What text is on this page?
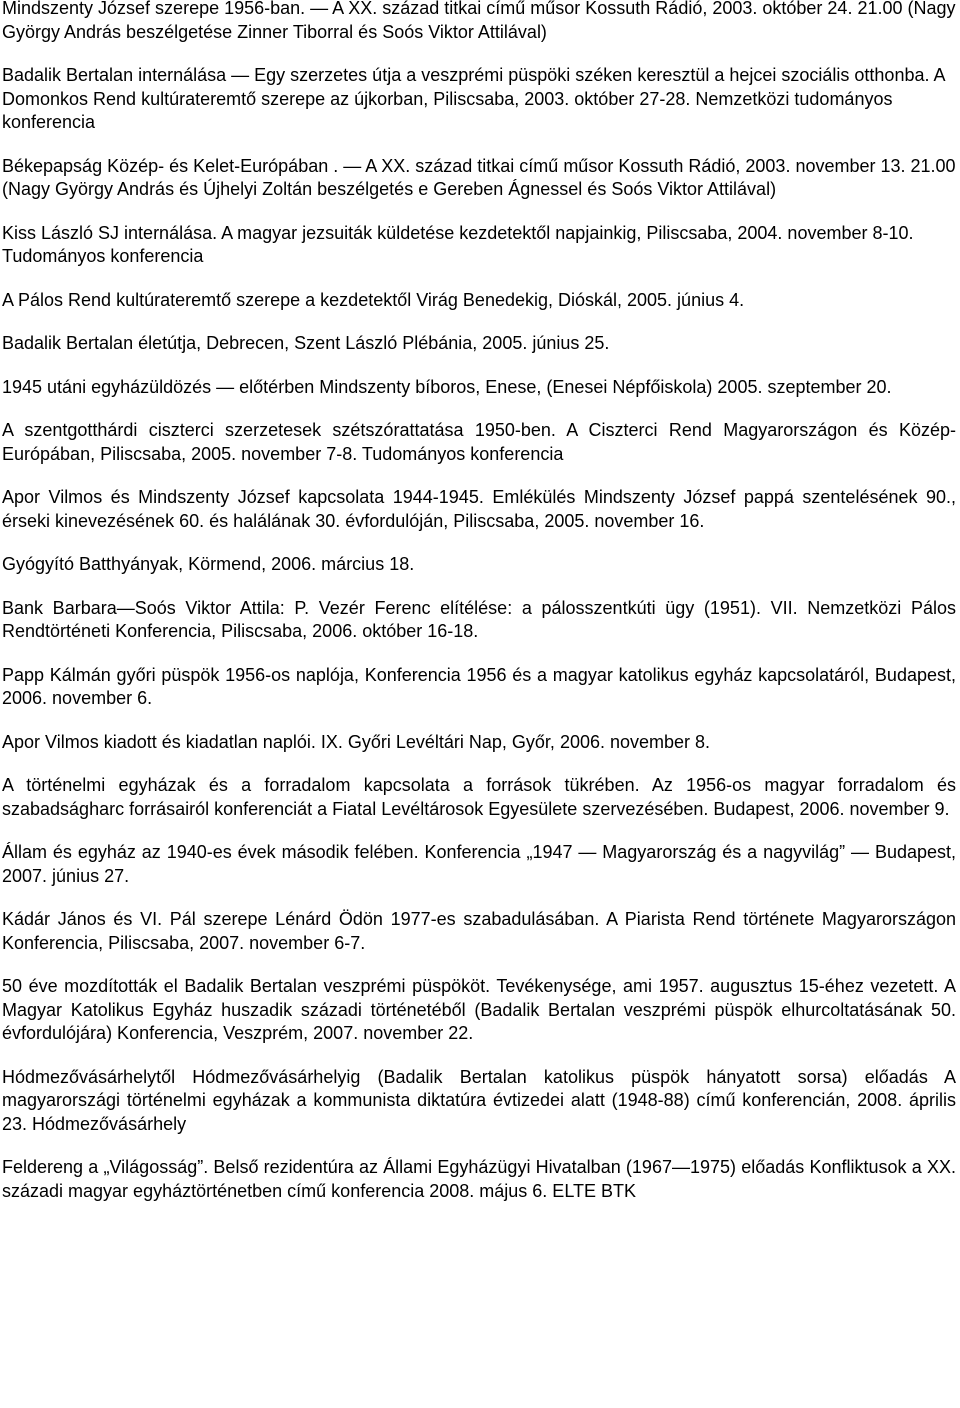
Mindszenty József szerepe 1956-ban. — A XX. század titkai című műsor Kossuth Rádió, 2003. október 24. 21.00 (Nagy György András beszélgetése Zinner Tiborral és Soós Viktor Attilával)

Badalik Bertalan internálása — Egy szerzetes útja a veszprémi püspöki széken keresztül a hejcei szociális otthonba. A Domonkos Rend kultúrateremtő szerepe az újkorban, Piliscsaba, 2003. október 27-28. Nemzetközi tudományos konferencia

Békepapság Közép- és Kelet-Európában . — A XX. század titkai című műsor Kossuth Rádió, 2003. november 13. 21.00 (Nagy György András és Újhelyi Zoltán beszélgetés e Gereben Ágnessel és Soós Viktor Attilával)

Kiss László SJ internálása. A magyar jezsuiták küldetése kezdetektől napjainkig, Piliscsaba, 2004. november 8-10. Tudományos konferencia

A Pálos Rend kultúrateremtő szerepe a kezdetektől Virág Benedekig, Dióskál, 2005. június 4.

Badalik Bertalan életútja, Debrecen, Szent László Plébánia, 2005. június 25.

1945 utáni egyházüldözés — előtérben Mindszenty bíboros, Enese, (Enesei Népfőiskola) 2005. szeptember 20.

A szentgotthárdi ciszterci szerzetesek szétszórattatása 1950-ben. A Ciszterci Rend Magyarországon és Közép-Európában, Piliscsaba, 2005. november 7-8. Tudományos konferencia

Apor Vilmos és Mindszenty József kapcsolata 1944-1945. Emlékülés Mindszenty József pappá szentelésének 90., érseki kinevezésének 60. és halálának 30. évfordulóján, Piliscsaba, 2005. november 16.

Gyógyító Batthyányak, Körmend, 2006. március 18.

Bank Barbara—Soós Viktor Attila: P. Vezér Ferenc elítélése: a pálosszentkúti ügy (1951). VII. Nemzetközi Pálos Rendtörténeti Konferencia, Piliscsaba, 2006. október 16-18.

Papp Kálmán győri püspök 1956-os naplója, Konferencia 1956 és a magyar katolikus egyház kapcsolatáról, Budapest, 2006. november 6.

Apor Vilmos kiadott és kiadatlan naplói. IX. Győri Levéltári Nap, Győr, 2006. november 8.

A történelmi egyházak és a forradalom kapcsolata a források tükrében. Az 1956-os magyar forradalom és szabadságharc forrásairól konferenciát a Fiatal Levéltárosok Egyesülete szervezésében. Budapest, 2006. november 9.

Állam és egyház az 1940-es évek második felében. Konferencia „1947 — Magyarország és a nagyvilág” — Budapest, 2007. június 27.

Kádár János és VI. Pál szerepe Lénárd Ödön 1977-es szabadulásában. A Piarista Rend története Magyarországon Konferencia, Piliscsaba, 2007. november 6-7.

50 éve mozdították el Badalik Bertalan veszprémi püspököt. Tevékenysége, ami 1957. augusztus 15-éhez vezetett. A Magyar Katolikus Egyház huszadik századi történetéből (Badalik Bertalan veszprémi püspök elhurcoltatásának 50. évfordulójára) Konferencia, Veszprém, 2007. november 22.

Hódmezővásárhelytől Hódmezővásárhelyig (Badalik Bertalan katolikus püspök hányatott sorsa) előadás A magyarországi történelmi egyházak a kommunista diktatúra évtizedei alatt (1948-88) című konferencián, 2008. április 23. Hódmezővásárhely

Feldereng a „Világosság”. Belső rezidentúra az Állami Egyházügyi Hivatalban (1967—1975) előadás Konfliktusok a XX. századi magyar egyháztörténetben című konferencia 2008. május 6. ELTE BTK
